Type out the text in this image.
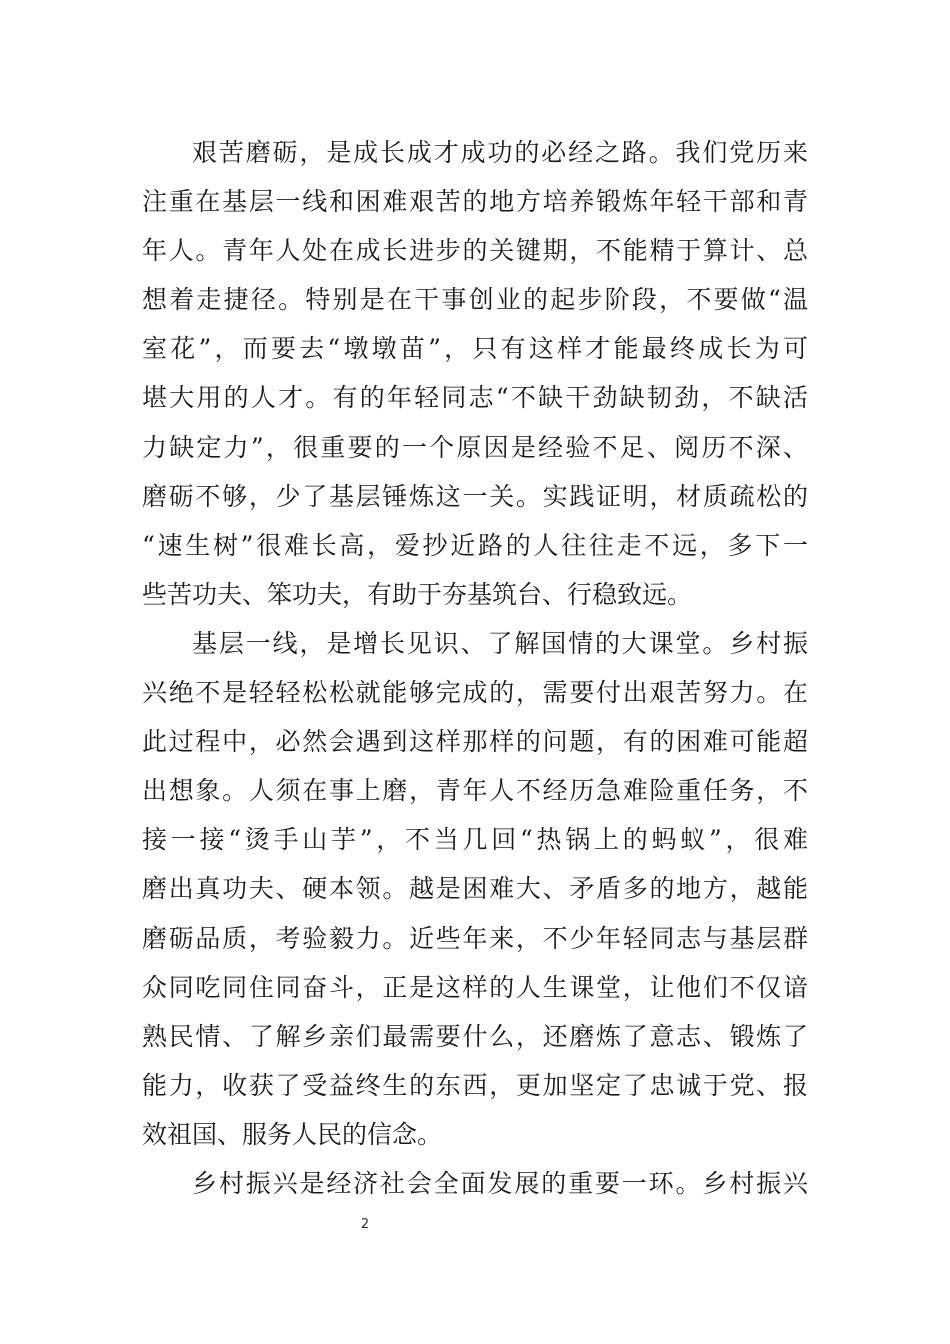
艰苦磨砺，是成长成才成功的必经之路。我们党历来
注重在基层一线和困难艰苦的地方培养锻炼年轻干部和青
年人。青年人处在成长进步的关键期，不能精于算计、总
想着走捷径。特别是在干事创业的起步阶段，不要做“温
室花”，而要去“墩墩苗”，只有这样才能最终成长为可
堪大用的人才。有的年轻同志“不缺干劲缺韧劲，不缺活
力缺定力”，很重要的一个原因是经验不足、阅历不深、
磨砺不够，少了基层锤炼这一关。实践证明，材质疏松的
“速生树”很难长高，爱抄近路的人往往走不远，多下一
些苦功夫、笨功夫，有助于夯基筑台、行稳致远。

基层一线，是增长见识、了解国情的大课堂。乡村振
兴绝不是轻轻松松就能够完成的，需要付出艰苦努力。在
此过程中，必然会遇到这样那样的问题，有的困难可能超
出想象。人须在事上磨，青年人不经历急难险重任务，不
接一接“烫手山芋”，不当几回“热锅上的蚂蚁”，很难
磨出真功夫、硬本领。越是困难大、矛盾多的地方，越能
磨砺品质，考验毅力。近些年来，不少年轻同志与基层群
众同吃同住同奋斗，正是这样的人生课堂，让他们不仅谙
熟民情、了解乡亲们最需要什么，还磨炼了意志、锻炼了
能力，收获了受益终生的东西，更加坚定了忠诚于党、报
效祖国、服务人民的信念。

乡村振兴是经济社会全面发展的重要一环。乡村振兴

2
